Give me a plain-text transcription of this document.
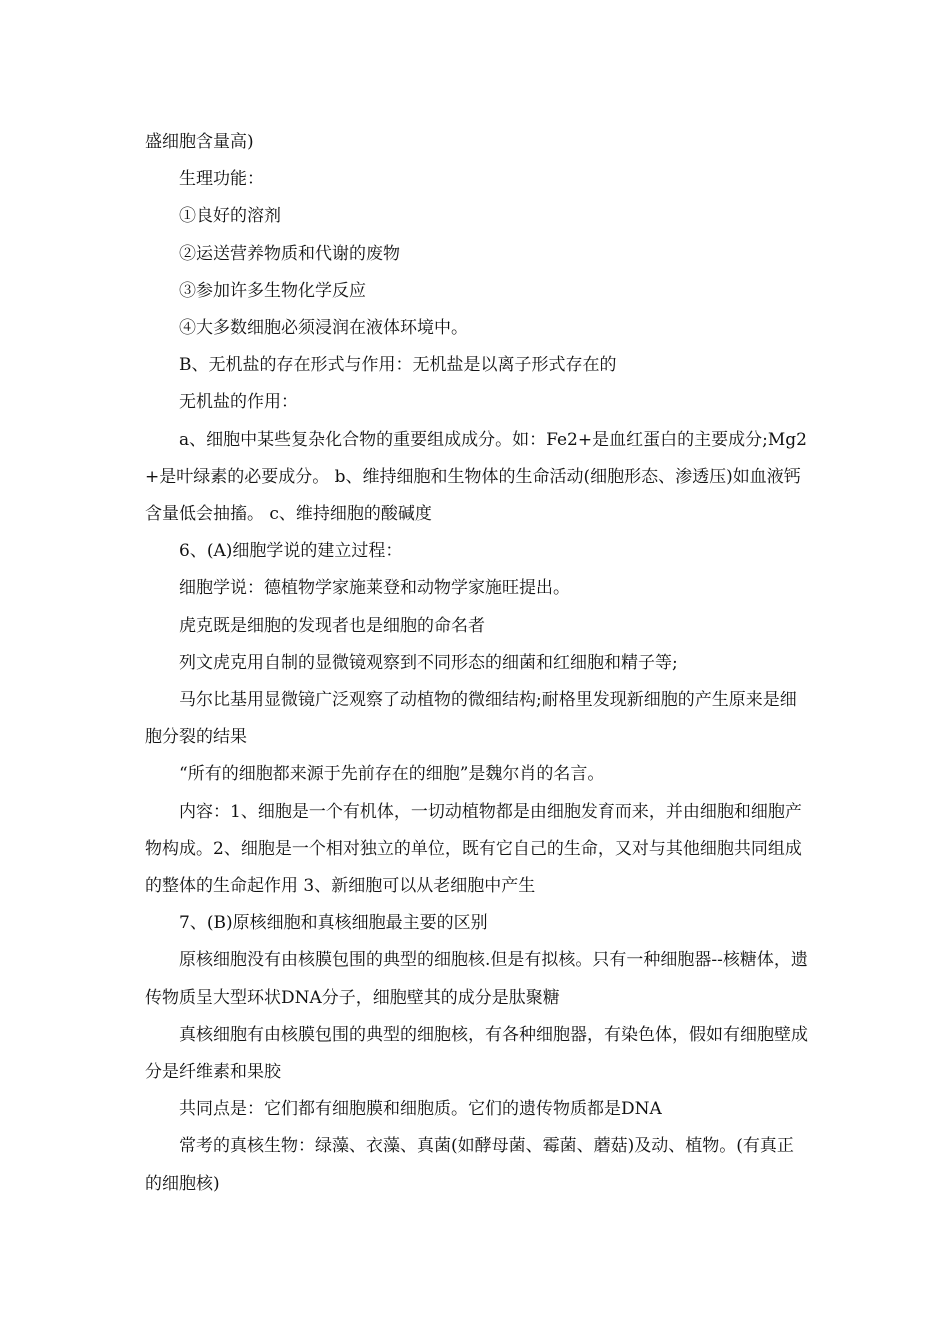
盛细胞含量高)

生理功能：

①良好的溶剂

②运送营养物质和代谢的废物

③参加许多生物化学反应

④大多数细胞必须浸润在液体环境中。

B、无机盐的存在形式与作用：无机盐是以离子形式存在的

无机盐的作用：

a、细胞中某些复杂化合物的重要组成成分。如：Fe2+是血红蛋白的主要成分;Mg2+是叶绿素的必要成分。 b、维持细胞和生物体的生命活动(细胞形态、渗透压)如血液钙含量低会抽搐。 c、维持细胞的酸碱度

6、(A)细胞学说的建立过程：

细胞学说：德植物学家施莱登和动物学家施旺提出。

虎克既是细胞的发现者也是细胞的命名者

列文虎克用自制的显微镜观察到不同形态的细菌和红细胞和精子等;

马尔比基用显微镜广泛观察了动植物的微细结构;耐格里发现新细胞的产生原来是细胞分裂的结果

“所有的细胞都来源于先前存在的细胞”是魏尔肖的名言。

内容：1、细胞是一个有机体，一切动植物都是由细胞发育而来，并由细胞和细胞产物构成。2、细胞是一个相对独立的单位，既有它自己的生命，又对与其他细胞共同组成的整体的生命起作用 3、新细胞可以从老细胞中产生

7、(B)原核细胞和真核细胞最主要的区别

原核细胞没有由核膜包围的典型的细胞核.但是有拟核。只有一种细胞器--核糖体，遗传物质呈大型环状DNA分子，细胞壁其的成分是肽聚糖

真核细胞有由核膜包围的典型的细胞核，有各种细胞器，有染色体，假如有细胞壁成分是纤维素和果胶

共同点是：它们都有细胞膜和细胞质。它们的遗传物质都是DNA

常考的真核生物：绿藻、衣藻、真菌(如酵母菌、霉菌、蘑菇)及动、植物。(有真正的细胞核)
